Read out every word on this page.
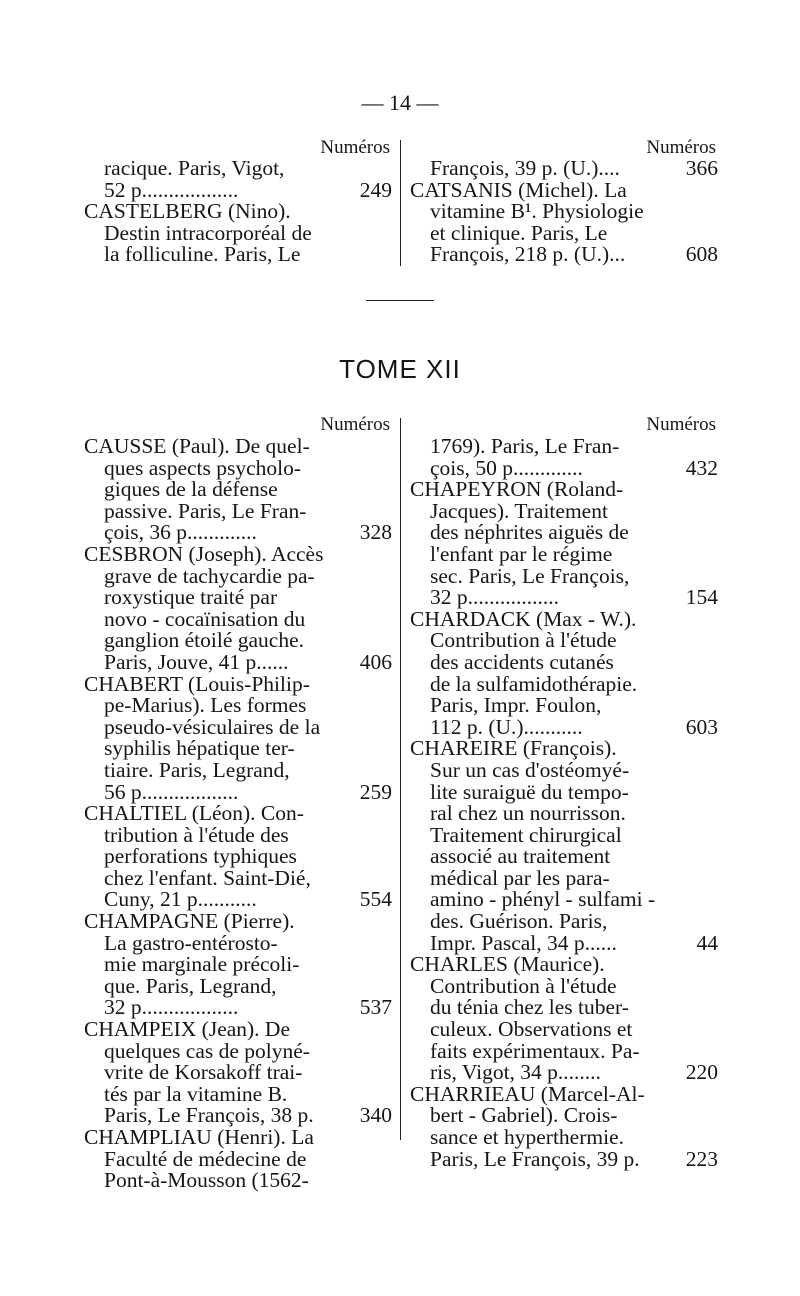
— 14 —
Numéros	Numéros
racique. Paris, Vigot,
52 p..................	249
CASTELBERG (Nino).
Destin intracorporéal de
la folliculine. Paris, Le
François, 39 p. (U.)....	366
CATSANIS (Michel). La
vitamine B¹. Physiologie
et clinique. Paris, Le
François, 218 p. (U.)...	608
TOME XII
Numéros	Numéros
CAUSSE (Paul). De quel-
ques aspects psycholo-
giques de la défense
passive. Paris, Le Fran-
çois, 36 p.............	328
CESBRON (Joseph). Accès
grave de tachycardie pa-
roxystique traité par
novo - cocaïnisation du
ganglion étoilé gauche.
Paris, Jouve, 41 p......	406
CHABERT (Louis-Philip-
pe-Marius). Les formes
pseudo-vésiculaires de la
syphilis hépatique ter-
tiaire. Paris, Legrand,
56 p..................	259
CHALTIEL (Léon). Con-
tribution à l'étude des
perforations typhiques
chez l'enfant. Saint-Dié,
Cuny, 21 p...........	554
CHAMPAGNE (Pierre).
La gastro-entérosto-
mie marginale précoli-
que. Paris, Legrand,
32 p..................	537
CHAMPEIX (Jean). De
quelques cas de polyné-
vrite de Korsakoff trai-
tés par la vitamine B.
Paris, Le François, 38 p.	340
CHAMPLIAU (Henri). La
Faculté de médecine de
Pont-à-Mousson (1562-
1769). Paris, Le Fran-
çois, 50 p.............	432
CHAPEYRON (Roland-
Jacques). Traitement
des néphrites aiguës de
l'enfant par le régime
sec. Paris, Le François,
32 p.................	154
CHARDACK (Max - W.).
Contribution à l'étude
des accidents cutanés
de la sulfamidothérapie.
Paris, Impr. Foulon,
112 p. (U.)...........	603
CHAREIRE (François).
Sur un cas d'ostéomyé-
lite suraiguë du tempo-
ral chez un nourrisson.
Traitement chirurgical
associé au traitement
médical par les para-
amino - phényl - sulfami -
des. Guérison. Paris,
Impr. Pascal, 34 p......	44
CHARLES (Maurice).
Contribution à l'étude
du ténia chez les tuber-
culeux. Observations et
faits expérimentaux. Pa-
ris, Vigot, 34 p........	220
CHARRIEAU (Marcel-Al-
bert - Gabriel). Crois-
sance et hyperthermie.
Paris, Le François, 39 p.	223
